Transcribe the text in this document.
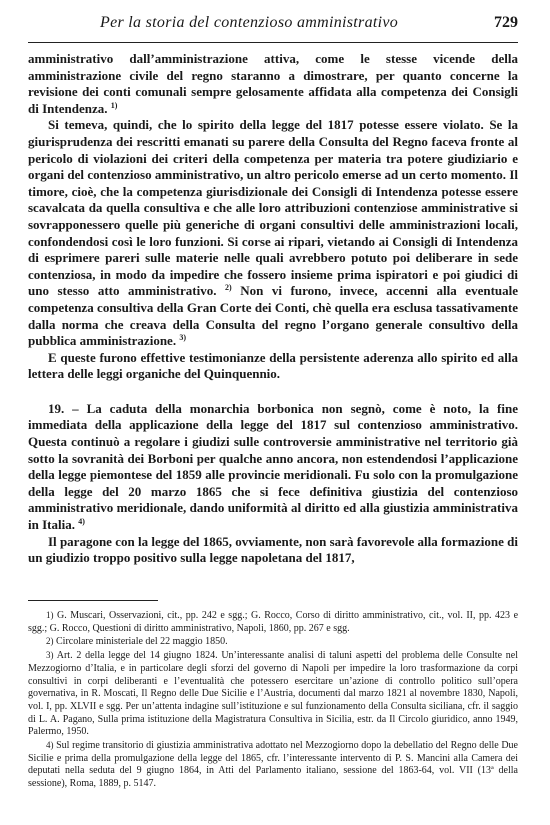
Per la storia del contenzioso amministrativo	729

amministrativo dall’amministrazione attiva, come le stesse vicende della amministrazione civile del regno staranno a dimostrare, per quanto concerne la revisione dei conti comunali sempre gelosamente affidata alla competenza dei Consigli di Intendenza. $^{1)}$

Si temeva, quindi, che lo spirito della legge del 1817 potesse essere violato. Se la giurisprudenza dei rescritti emanati su parere della Consulta del Regno faceva fronte al pericolo di violazioni dei criteri della competenza per materia tra potere giudiziario e organi del contenzioso amministrativo, un altro pericolo emerse ad un certo momento. Il timore, cioè, che la competenza giurisdizionale dei Consigli di Intendenza potesse essere scavalcata da quella consultiva e che alle loro attribuzioni contenziose amministrative si sovrapponessero quelle più generiche di organi consultivi delle amministrazioni locali, confondendosi così le loro funzioni. Si corse ai ripari, vietando ai Consigli di Intendenza di esprimere pareri sulle materie nelle quali avrebbero potuto poi deliberare in sede contenziosa, in modo da impedire che fossero insieme prima ispiratori e poi giudici di uno stesso atto amministrativo. $^{2)}$ Non vi furono, invece, accenni alla eventuale competenza consultiva della Gran Corte dei Conti, chè quella era esclusa tassativamente dalla norma che creava della Consulta del regno l’organo generale consultivo della pubblica amministrazione. $^{3)}$

E queste furono effettive testimonianze della persistente aderenza allo spirito ed alla lettera delle leggi organiche del Quinquennio.

19. – La caduta della monarchia borbonica non segnò, come è noto, la fine immediata della applicazione della legge del 1817 sul contenzioso amministrativo. Questa continuò a regolare i giudizi sulle controversie amministrative nel territorio già sotto la sovranità dei Borboni per qualche anno ancora, non estendendosi l’applicazione della legge piemontese del 1859 alle provincie meridionali. Fu solo con la promulgazione della legge del 20 marzo 1865 che si fece definitiva giustizia del contenzioso amministrativo meridionale, dando uniformità al diritto ed alla giustizia amministrativa in Italia. $^{4)}$

Il paragone con la legge del 1865, ovviamente, non sarà favorevole alla formazione di un giudizio troppo positivo sulla legge napoletana del 1817,

1) G. Muscari, Osservazioni, cit., pp. 242 e sgg.; G. Rocco, Corso di diritto amministrativo, cit., vol. II, pp. 423 e sgg.; G. Rocco, Questioni di diritto amministrativo, Napoli, 1860, pp. 267 e sgg.

2) Circolare ministeriale del 22 maggio 1850.

3) Art. 2 della legge del 14 giugno 1824. Un’interessante analisi di taluni aspetti del problema delle Consulte nel Mezzogiorno d’Italia, e in particolare degli sforzi del governo di Napoli per impedire la loro trasformazione da corpi consultivi in corpi deliberanti e l’eventualità che potessero esercitare un’azione di controllo politico sull’opera governativa, in R. Moscati, Il Regno delle Due Sicilie e l’Austria, documenti dal marzo 1821 al novembre 1830, Napoli, vol. I, pp. XLVII e sgg. Per un’attenta indagine sull’istituzione e sul funzionamento della Consulta siciliana, cfr. il saggio di L. A. Pagano, Sulla prima istituzione della Magistratura Consultiva in Sicilia, estr. da Il Circolo giuridico, anno 1949, Palermo, 1950.

4) Sul regime transitorio di giustizia amministrativa adottato nel Mezzogiorno dopo la debellatio del Regno delle Due Sicilie e prima della promulgazione della legge del 1865, cfr. l’interessante intervento di P. S. Mancini alla Camera dei deputati nella seduta del 9 giugno 1864, in Atti del Parlamento italiano, sessione del 1863-64, vol. VII (13ª della sessione), Roma, 1889, p. 5147.
